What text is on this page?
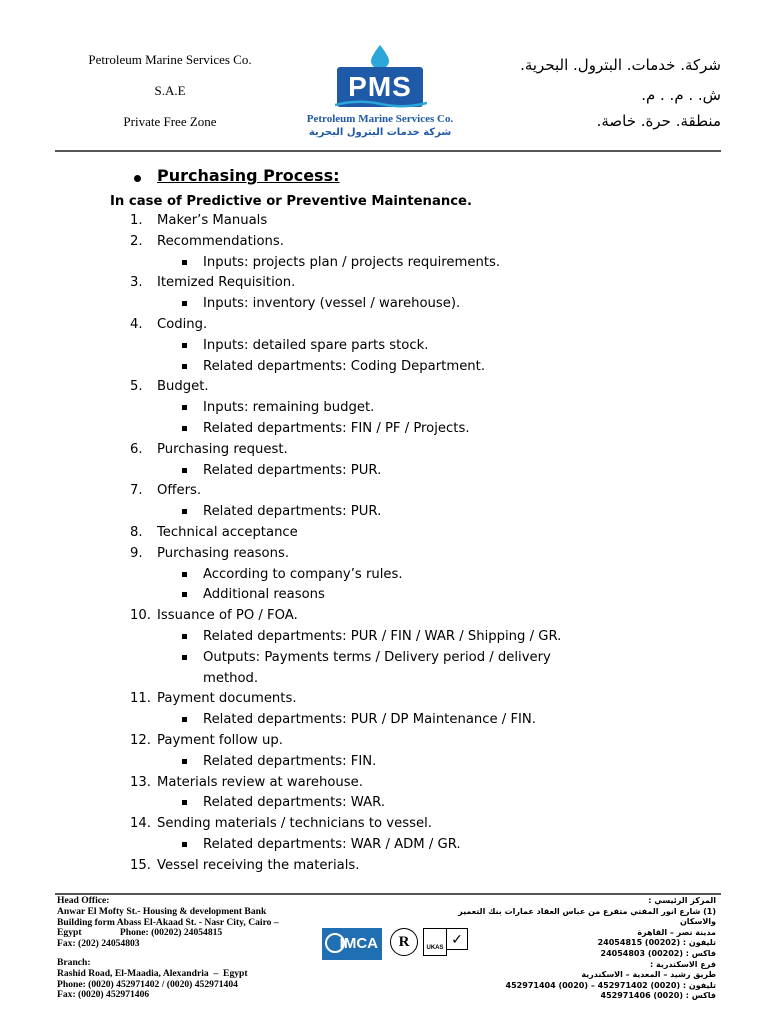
Petroleum Marine Services Co.
S.A.E
Private Free Zone
PMS
Petroleum Marine Services Co.
شركة خدمات البترول البحرية
شركة. خدمات. البترول. البحرية.
ش. . م. . م.
منطقة. حرة. خاصة.
Purchasing Process:
In case of Predictive or Preventive Maintenance.
1.	Maker’s Manuals
2.	Recommendations.
Inputs: projects plan / projects requirements.
3.	Itemized Requisition.
Inputs: inventory (vessel / warehouse).
4.	Coding.
Inputs: detailed spare parts stock.
Related departments: Coding Department.
5.	Budget.
Inputs: remaining budget.
Related departments: FIN / PF / Projects.
6.	Purchasing request.
Related departments: PUR.
7.	Offers.
Related departments: PUR.
8.	Technical acceptance
9.	Purchasing reasons.
According to company’s rules.
Additional reasons
10. Issuance of PO / FOA.
Related departments: PUR / FIN / WAR / Shipping / GR.
Outputs: Payments terms / Delivery period / delivery
method.
11. Payment documents.
Related departments: PUR / DP Maintenance / FIN.
12. Payment follow up.
Related departments: FIN.
13. Materials review at warehouse.
Related departments: WAR.
14. Sending materials / technicians to vessel.
Related departments: WAR / ADM / GR.
15. Vessel receiving the materials.
Head Office:
Anwar El Mofty St.- Housing & development Bank
Building form Abass El-Akaad St. - Nasr City, Cairo –
Egypt                Phone: (00202) 24054815
Fax: (202) 24054803
Branch:
Rashid Road, El-Maadia, Alexandria  –  Egypt
Phone: (0020) 452971402 / (0020) 452971404
Fax: (0020) 452971406
IMCA	R	UKAS
✓
المركز الرئيسي :
(1) شارع انور المفتي متفرع من عباس العقاد عمارات بنك التعمير
والاسكان
مدينة نصر – القاهرة
تليفون : (00202) 24054815
فاكس : (00202) 24054803
فرع الاسكندرية :
طريق رشيد – المعدية – الاسكندرية
تليفون : (0020) 452971402 – (0020) 452971404
فاكس : (0020) 452971406
